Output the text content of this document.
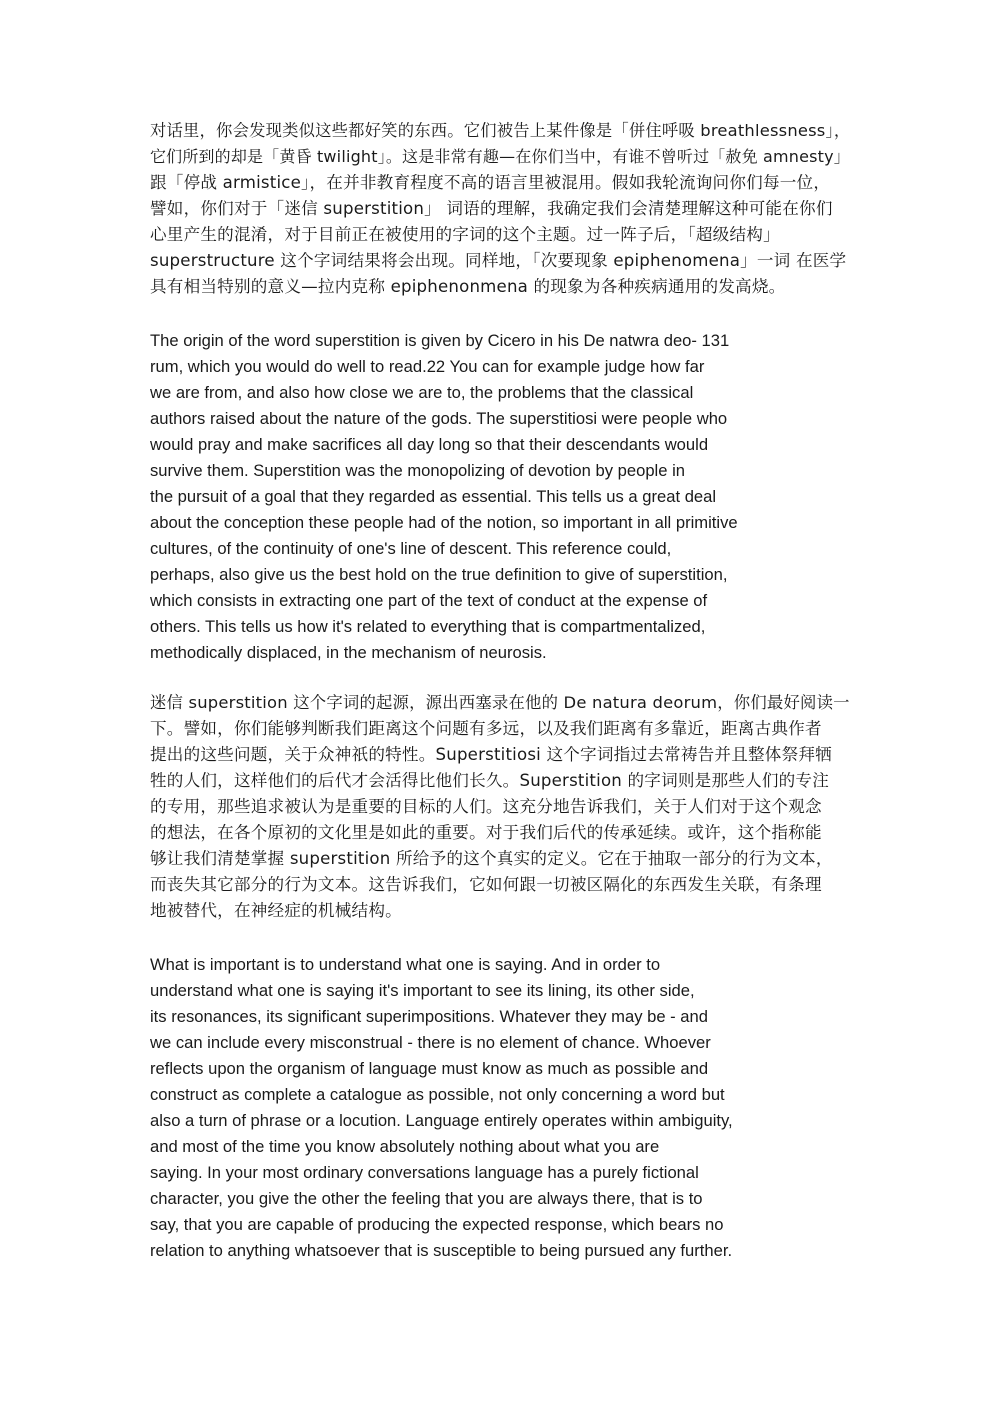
对话里，你会发现类似这些都好笑的东西。它们被告上某件像是「併住呼吸 breathlessness」，
它们所到的却是「黄昏 twilight」。这是非常有趣—在你们当中，有谁不曾听过「赦免 amnesty」
跟「停战 armistice」，在并非教育程度不高的语言里被混用。假如我轮流询问你们每一位，
譬如，你们对于「迷信 superstition」 词语的理解，我确定我们会清楚理解这种可能在你们
心里产生的混淆，对于目前正在被使用的字词的这个主题。过一阵子后，「超级结构」
superstructure 这个字词结果将会出现。同样地，「次要现象 epiphenomena」一词 在医学
具有相当特别的意义—拉内克称 epiphenonmena 的现象为各种疾病通用的发高烧。
The origin of the word superstition is given by Cicero in his De natwra deo- 131
rum, which you would do well to read.22 You can for example judge how far
we are from, and also how close we are to, the problems that the classical
authors raised about the nature of the gods. The superstitiosi were people who
would pray and make sacrifices all day long so that their descendants would
survive them. Superstition was the monopolizing of devotion by people in
the pursuit of a goal that they regarded as essential. This tells us a great deal
about the conception these people had of the notion, so important in all primitive
cultures, of the continuity of one's line of descent. This reference could,
perhaps, also give us the best hold on the true definition to give of superstition,
which consists in extracting one part of the text of conduct at the expense of
others. This tells us how it's related to everything that is compartmentalized,
methodically displaced, in the mechanism of neurosis.
迷信 superstition 这个字词的起源，源出西塞录在他的 De natura deorum，你们最好阅读一
下。譬如，你们能够判断我们距离这个问题有多远，以及我们距离有多靠近，距离古典作者
提出的这些问题，关于众神祇的特性。Superstitiosi 这个字词指过去常祷告并且整体祭拜牺
牲的人们，这样他们的后代才会活得比他们长久。Superstition 的字词则是那些人们的专注
的专用，那些追求被认为是重要的目标的人们。这充分地告诉我们，关于人们对于这个观念
的想法，在各个原初的文化里是如此的重要。对于我们后代的传承延续。或许，这个指称能
够让我们清楚掌握 superstition 所给予的这个真实的定义。它在于抽取一部分的行为文本，
而丧失其它部分的行为文本。这告诉我们，它如何跟一切被区隔化的东西发生关联，有条理
地被替代，在神经症的机械结构。
What is important is to understand what one is saying. And in order to
understand what one is saying it's important to see its lining, its other side,
its resonances, its significant superimpositions. Whatever they may be - and
we can include every misconstrual - there is no element of chance. Whoever
reflects upon the organism of language must know as much as possible and
construct as complete a catalogue as possible, not only concerning a word but
also a turn of phrase or a locution. Language entirely operates within ambiguity,
and most of the time you know absolutely nothing about what you are
saying. In your most ordinary conversations language has a purely fictional
character, you give the other the feeling that you are always there, that is to
say, that you are capable of producing the expected response, which bears no
relation to anything whatsoever that is susceptible to being pursued any further.
